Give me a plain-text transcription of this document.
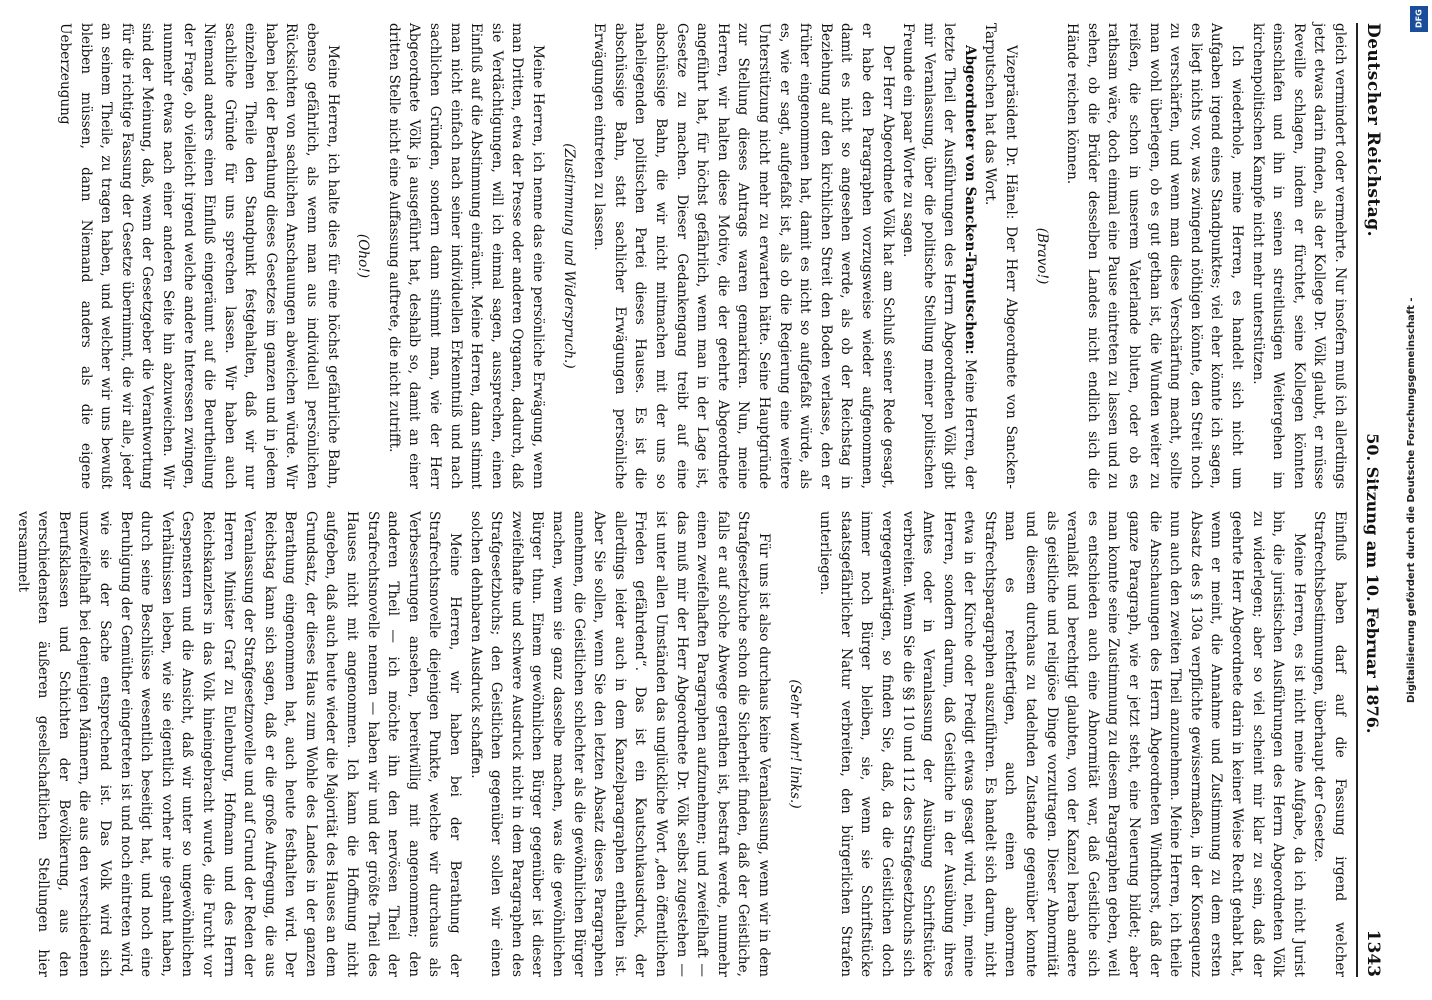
Deutscher Reichstag.
50. Sitzung am 10. Februar 1876.
1343

gleich vermindert oder vermehrte. Nur insofern muß ich allerdings jetzt etwas darin finden, als der Kollege Dr. Völk glaubt, er müsse Reveille schlagen, indem er fürchtet, seine Kollegen könnten einschlafen und ihn in seinen streitlustigen Weitergehen im kirchenpolitischen Kampfe nicht mehr unterstützen.

Ich wiederhole, meine Herren, es handelt sich nicht um Aufgaben irgend eines Standpunktes; viel eher könnte ich sagen, es liegt nichts vor, was zwingend nöthigen könnte, den Streit noch zu verschärfen, und wenn man diese Verschärfung macht, sollte man wohl überlegen, ob es gut gethan ist, die Wunden weiter zu reißen, die schon in unserem Vaterlande bluten, oder ob es rathsam wäre, doch einmal eine Pause eintreten zu lassen und zu sehen, ob die Brüder desselben Landes nicht endlich sich die Hände reichen können.

(Bravo!)

Vizepräsident Dr. Hänel: Der Herr Abgeordnete von Sancken-Tarputschen hat das Wort.

Abgeordneter von Sancken-Tarputschen: Meine Herren, der letzte Theil der Ausführungen des Herrn Abgeordneten Völk gibt mir Veranlassung, über die politische Stellung meiner politischen Freunde ein paar Worte zu sagen.

Der Herr Abgeordnete Völk hat am Schluß seiner Rede gesagt, er habe den Paragraphen vorzugsweise wieder aufgenommen, damit es nicht so angesehen werde, als ob der Reichstag in Beziehung auf den kirchlichen Streit den Boden verlasse, den er früher eingenommen hat, damit es nicht so aufgefaßt würde, als es, wie er sagt, aufgefaßt ist, als ob die Regierung eine weitere Unterstützung nicht mehr zu erwarten hätte. Seine Hauptgründe zur Stellung dieses Antrags waren gemarkiren. Nun, meine Herren, wir halten diese Motive, die der geehrte Abgeordnete angeführt hat, für höchst gefährlich, wenn man in der Lage ist, Gesetze zu machen. Dieser Gedankengang treibt auf eine abschüssige Bahn, die wir nicht mitmachen mit der uns so naheliegenden politischen Partei dieses Hauses. Es ist die abschüssige Bahn, statt sachlicher Erwägungen persönliche Erwägungen eintreten zu lassen.

(Zustimmung und Widerspruch.)

Meine Herren, ich nenne das eine persönliche Erwägung, wenn man Dritten, etwa der Presse oder anderen Organen, dadurch, daß sie Verdächtigungen, will ich einmal sagen, aussprechen, einen Einfluß auf die Abstimmung einräumt. Meine Herren, dann stimmt man nicht einfach nach seiner individuellen Erkenntniß und nach sachlichen Gründen, sondern dann stimmt man, wie der Herr Abgeordnete Völk ja ausgeführt hat, deshalb so, damit an einer dritten Stelle nicht eine Auffassung auftrete, die nicht zutrifft.

(Oho!)

Meine Herren, ich halte dies für eine höchst gefährliche Bahn, ebenso gefährlich, als wenn man aus individuell persönlichen Rücksichten von sachlichen Anschauungen abweichen würde. Wir haben bei der Berathung dieses Gesetzes im ganzen und in jedem einzelnen Theile den Standpunkt festgehalten, daß wir nur sachliche Gründe für uns sprechen lassen. Wir haben auch Niemand anders einen Einfluß eingeräumt auf die Beurtheilung der Frage, ob vielleicht irgend welche andere Interessen zwingen, nunmehr etwas nach einer anderen Seite hin abzuweichen. Wir sind der Meinung, daß, wenn der Gesetzgeber die Verantwortung für die richtige Fassung der Gesetze übernimmt, die wir alle, jeder an seinem Theile, zu tragen haben, und welcher wir uns bewußt bleiben müssen, dann Niemand anders als die eigene Ueberzeugung

Einfluß haben darf auf die Fassung irgend welcher Strafrechtsbestimmungen, überhaupt der Gesetze.

Meine Herren, es ist nicht meine Aufgabe, da ich nicht Jurist bin, die juristischen Ausführungen des Herrn Abgeordneten Völk zu widerlegen; aber so viel scheint mir klar zu sein, daß der geehrte Herr Abgeordnete darin in keiner Weise Recht gehabt hat, wenn er meint, die Annahme und Zustimmung zu dem ersten Absatz des § 130a verpflichte gewissermaßen, in der Konsequenz nun auch den zweiten Theil anzunehmen. Meine Herren, ich theile die Anschauungen des Herrn Abgeordneten Windthorst, daß der ganze Paragraph, wie er jetzt steht, eine Neuerung bildet; aber man konnte seine Zustimmung zu diesem Paragraphen geben, weil es entschieden auch eine Abnormität war, daß Geistliche sich veranlaßt und berechtigt glaubten, von der Kanzel herab andere als geistliche und religiöse Dinge vorzutragen. Dieser Abnormität und diesem durchaus zu tadelnden Zustande gegenüber konnte man es rechtfertigen, auch einen abnormen Strafrechtsparagraphen auszuführen. Es handelt sich darum, nicht etwa in der Kirche oder Predigt etwas gesagt wird, nein, meine Herren, sondern darum, daß Geistliche in der Ausübung ihres Amtes oder in Veranlassung der Ausübung Schriftstücke verbreiten. Wenn Sie die §§ 110 und 112 des Strafgesetzbuchs sich vergegenwärtigen, so finden Sie, daß, da die Geistlichen doch immer noch Bürger bleiben, sie, wenn sie Schriftstücke staatsgefährlicher Natur verbreiten, den bürgerlichen Strafen unterliegen.

(Sehr wahr! links.)

Für uns ist also durchaus keine Veranlassung, wenn wir in dem Strafgesetzbuche schon die Sicherheit finden, daß der Geistliche, falls er auf solche Abwege gerathen ist, bestraft werde, nunmehr einen zweifelhaften Paragraphen aufzunehmen; und zweifelhaft — das muß mir der Herr Abgeordnete Dr. Völk selbst zugestehen — ist unter allen Umständen das unglückliche Wort „den öffentlichen Frieden gefährdend“. Das ist ein Kautschukausdruck, der allerdings leider auch in dem Kanzelparagraphen enthalten ist. Aber Sie sollen, wenn Sie den letzten Absatz dieses Paragraphen annehmen, die Geistlichen schlechter als die gewöhnlichen Bürger machen, wenn sie ganz dasselbe machen, was die gewöhnlichen Bürger thun. Einem gewöhnlichen Bürger gegenüber ist dieser zweifelhafte und schwere Ausdruck nicht in dem Paragraphen des Strafgesetzbuchs; den Geistlichen gegenüber sollen wir einen solchen dehnbaren Ausdruck schaffen.

Meine Herren, wir haben bei der Berathung der Strafrechtsnovelle diejenigen Punkte, welche wir durchaus als Verbesserungen ansehen, bereitwillig mit angenommen; den anderen Theil — ich möchte ihn den nervösen Theil der Strafrechtsnovelle nennen — haben wir und der größte Theil des Hauses nicht mit angenommen. Ich kann die Hoffnung nicht aufgeben, daß auch heute wieder die Majorität des Hauses an dem Grundsatz, der dieses Haus zum Wohle des Landes in der ganzen Berathung eingenommen hat, auch heute festhalten wird. Der Reichstag kann sich sagen, daß er die große Aufregung, die aus Veranlassung der Strafgesetznovelle und auf Grund der Reden der Herren Minister Graf zu Eulenburg, Hofmann und des Herrn Reichskanzlers in das Volk hineingebracht wurde, die Furcht vor Gespenstern und die Ansicht, daß wir unter so ungewöhnlichen Verhältnissen leben, wie sie eigentlich vorher nie geahnt haben, durch seine Beschlüsse wesentlich beseitigt hat, und noch eine Beruhigung der Gemüther eingetreten ist und noch eintreten wird, wie sie der Sache entsprechend ist. Das Volk wird sich unzweifelhaft bei denjenigen Männern, die aus den verschiedenen Berufsklassen und Schichten der Bevölkerung, aus den verschiedensten äußeren gesellschaftlichen Stellungen hier versammelt	Digitalisierung gefördert durch die Deutsche Forschungsgemeinschaft -
DFG
